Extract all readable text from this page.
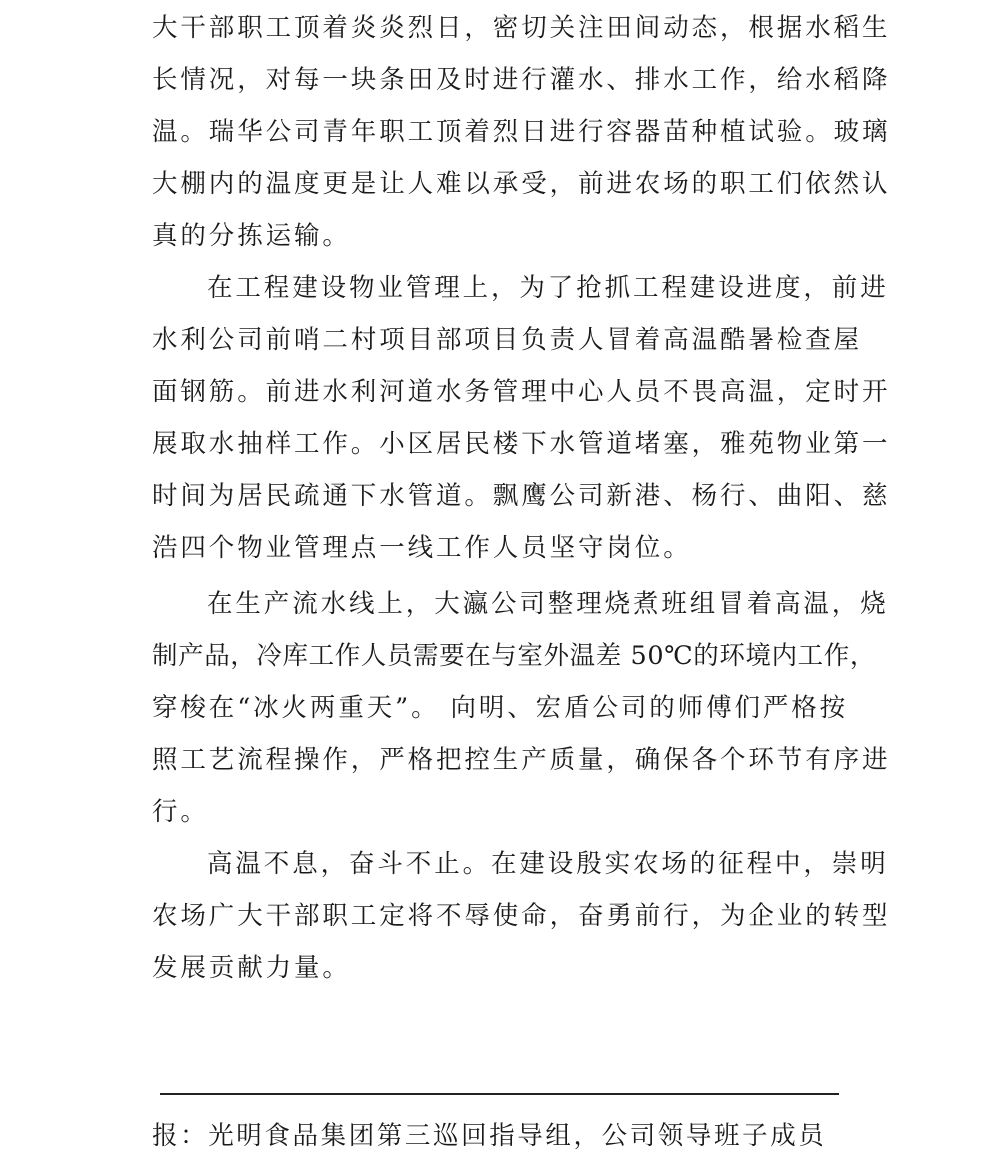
大干部职工顶着炎炎烈日，密切关注田间动态，根据水稻生
长情况，对每一块条田及时进行灌水、排水工作，给水稻降
温。瑞华公司青年职工顶着烈日进行容器苗种植试验。玻璃
大棚内的温度更是让人难以承受，前进农场的职工们依然认
真的分拣运输。
在工程建设物业管理上，为了抢抓工程建设进度，前进
水利公司前哨二村项目部项目负责人冒着高温酷暑检查屋
面钢筋。前进水利河道水务管理中心人员不畏高温，定时开
展取水抽样工作。小区居民楼下水管道堵塞，雅苑物业第一
时间为居民疏通下水管道。飘鹰公司新港、杨行、曲阳、慈
浩四个物业管理点一线工作人员坚守岗位。
在生产流水线上，大瀛公司整理烧煮班组冒着高温，烧
制产品，冷库工作人员需要在与室外温差 50℃的环境内工作，
穿梭在“冰火两重天”。 向明、宏盾公司的师傅们严格按
照工艺流程操作，严格把控生产质量，确保各个环节有序进
行。
高温不息，奋斗不止。在建设殷实农场的征程中，崇明
农场广大干部职工定将不辱使命，奋勇前行，为企业的转型
发展贡献力量。
报：光明食品集团第三巡回指导组，公司领导班子成员
